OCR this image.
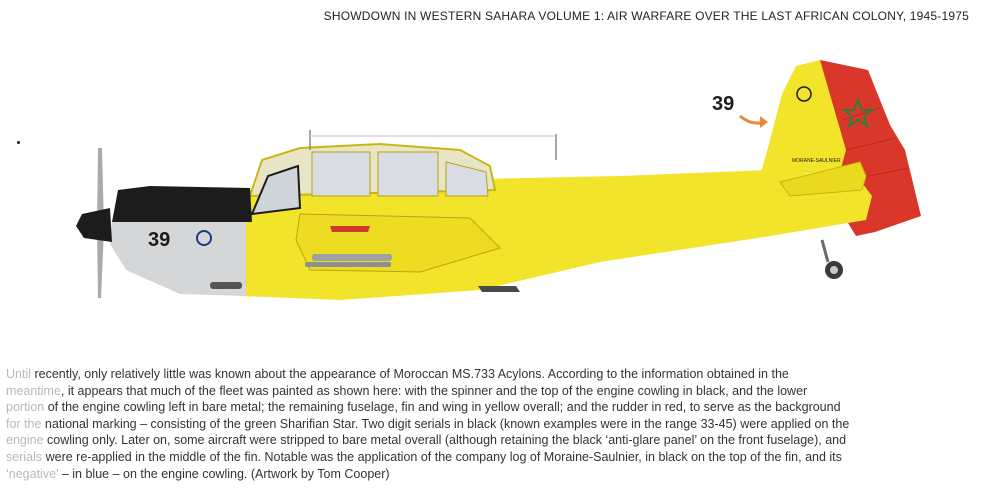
SHOWDOWN IN WESTERN SAHARA VOLUME 1: AIR WARFARE OVER THE LAST AFRICAN COLONY, 1945-1975
39
39
MORANE-SAULNIER

Until recently, only relatively little was known about the appearance of Moroccan MS.733 Acylons. According to the information obtained in the

meantime, it appears that much of the fleet was painted as shown here: with the spinner and the top of the engine cowling in black, and the lower

portion of the engine cowling left in bare metal; the remaining fuselage, fin and wing in yellow overall; and the rudder in red, to serve as the background

for the national marking – consisting of the green Sharifian Star. Two digit serials in black (known examples were in the range 33-45) were applied on the

engine cowling only. Later on, some aircraft were stripped to bare metal overall (although retaining the black ‘anti-glare panel’ on the front fuselage), and

serials were re-applied in the middle of the fin. Notable was the application of the company log of Moraine-Saulnier, in black on the top of the fin, and its

‘negative’ – in blue – on the engine cowling. (Artwork by Tom Cooper)
